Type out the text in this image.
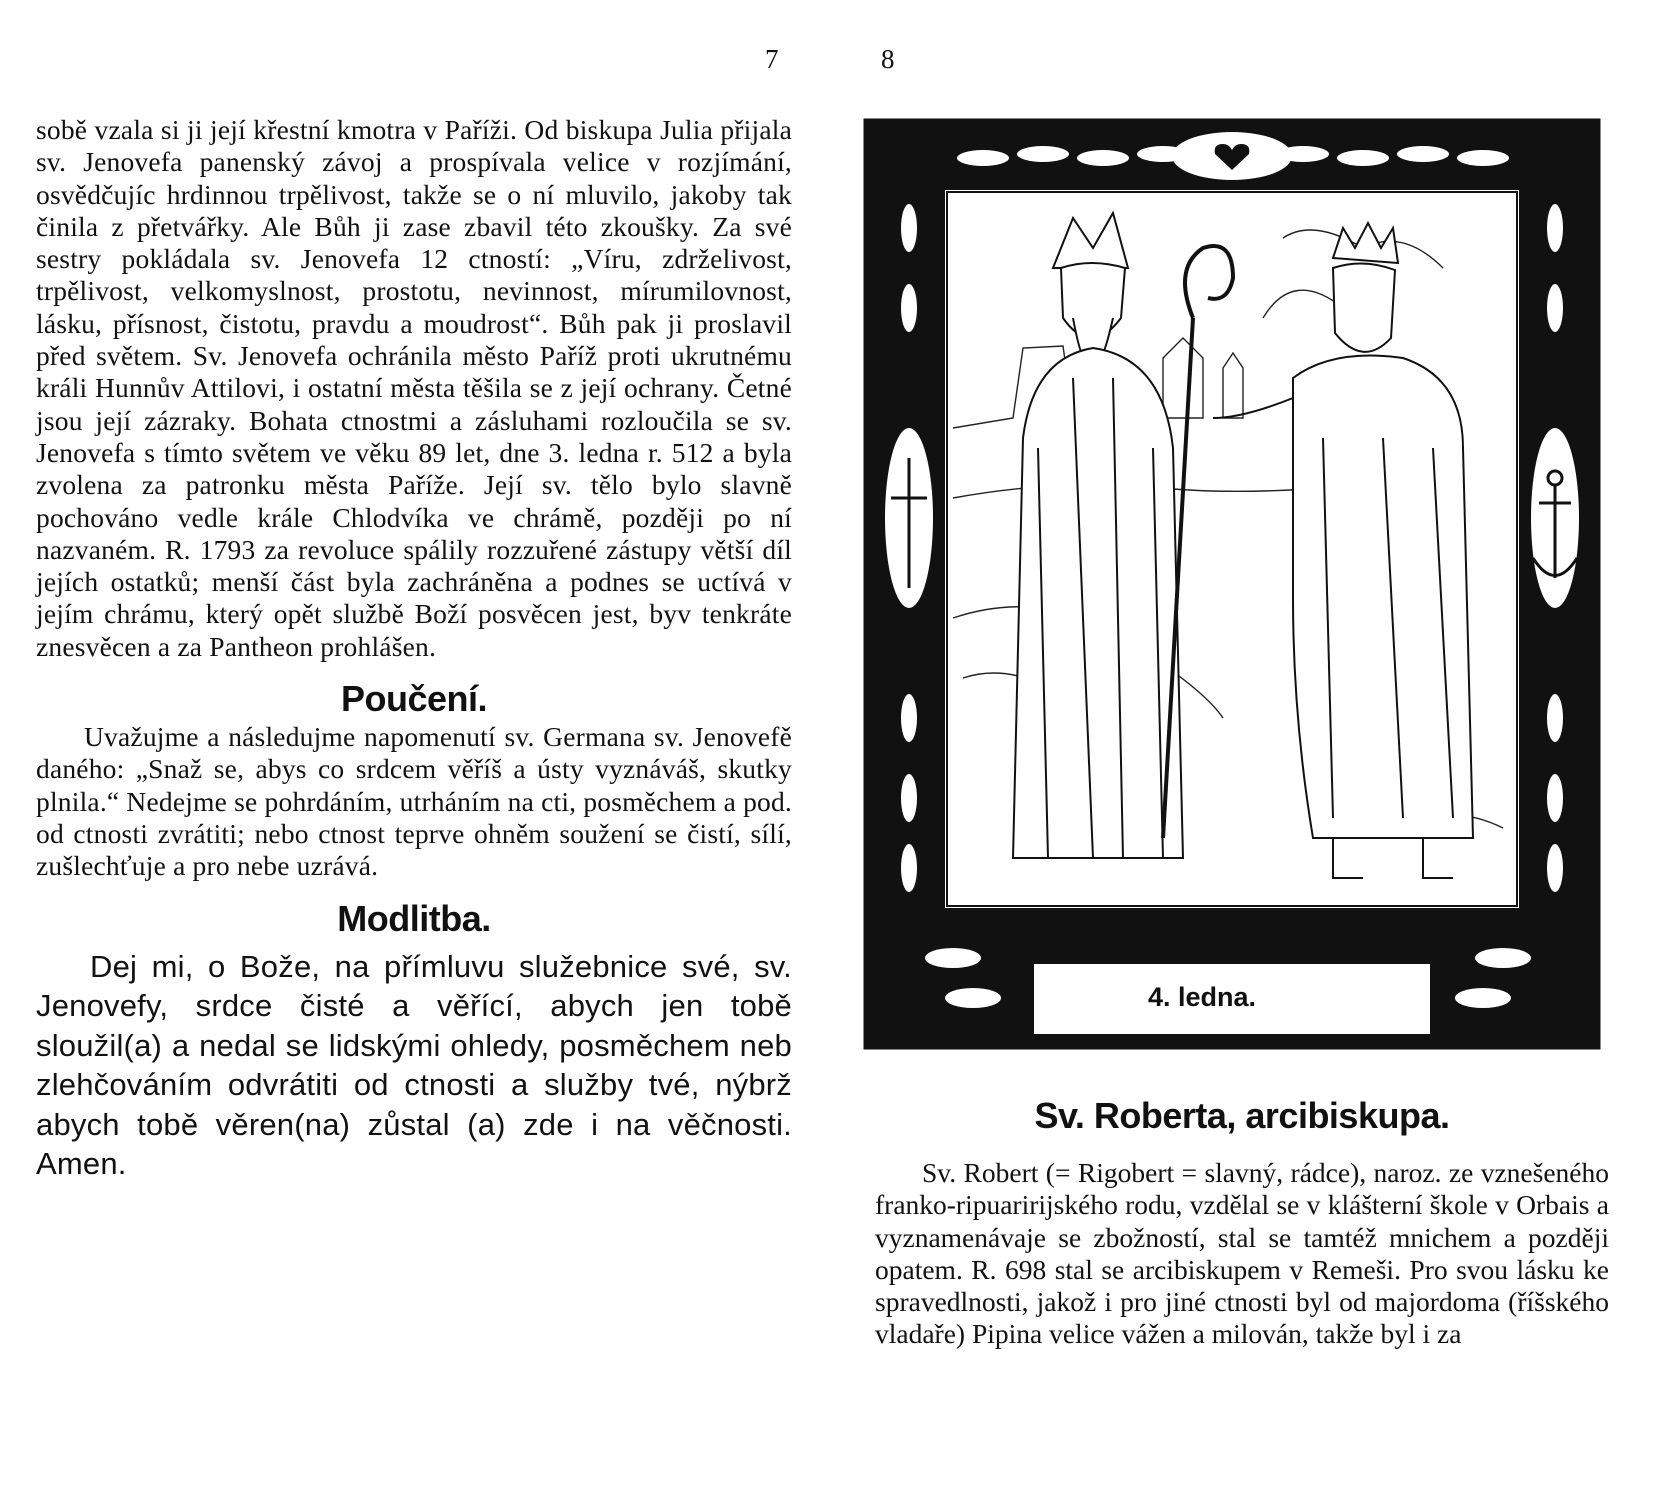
7

sobě vzala si ji její křestní kmotra v Paříži. Od biskupa Julia přijala sv. Jenovefa panenský závoj a prospívala velice v rozjímání, osvědčujíc hrdinnou trpělivost, takže se o ní mluvilo, jakoby tak činila z přetvářky. Ale Bůh ji zase zbavil této zkoušky. Za své sestry pokládala sv. Jenovefa 12 ctností: „Víru, zdrželivost, trpělivost, velkomyslnost, prostotu, nevinnost, mírumilovnost, lásku, přísnost, čistotu, pravdu a moudrost“. Bůh pak ji proslavil před světem. Sv. Jenovefa ochránila město Paříž proti ukrutnému králi Hunnův Attilovi, i ostatní města těšila se z její ochrany. Četné jsou její zázraky. Bohata ctnostmi a zásluhami rozloučila se sv. Jenovefa s tímto světem ve věku 89 let, dne 3. ledna r. 512 a byla zvolena za patronku města Paříže. Její sv. tělo bylo slavně pochováno vedle krále Chlodvíka ve chrámě, později po ní nazvaném. R. 1793 za revoluce spálily rozzuřené zástupy větší díl jejích ostatků; menší část byla zachráněna a podnes se uctívá v jejím chrámu, který opět službě Boží posvěcen jest, byv tenkráte znesvěcen a za Pantheon prohlášen.

Poučení.

Uvažujme a následujme napomenutí sv. Germana sv. Jenovefě daného: „Snaž se, abys co srdcem věříš a ústy vyznáváš, skutky plnila.“ Nedejme se pohrdáním, utrháním na cti, posměchem a pod. od ctnosti zvrátiti; nebo ctnost teprve ohněm soužení se čistí, sílí, zušlechťuje a pro nebe uzrává.

Modlitba.

Dej mi, o Bože, na přímluvu služebnice své, sv. Jenovefy, srdce čisté a věřící, abych jen tobě sloužil(a) a nedal se lidskými ohledy, posměchem neb zlehčováním odvrátiti od ctnosti a služby tvé, nýbrž abych tobě věren(na) zůstal (a) zde i na věčnosti. Amen.

8
4. ledna.
Sv. Roberta, arcibiskupa.

Sv. Robert (= Rigobert = slavný, rádce), naroz. ze vznešeného franko-ripuaririjského rodu, vzdělal se v klášterní škole v Orbais a vyznamenávaje se zbožností, stal se tamtéž mnichem a později opatem. R. 698 stal se arcibiskupem v Remeši. Pro svou lásku ke spravedlnosti, jakož i pro jiné ctnosti byl od majordoma (říšského vladaře) Pipina velice vážen a milován, takže byl i za
